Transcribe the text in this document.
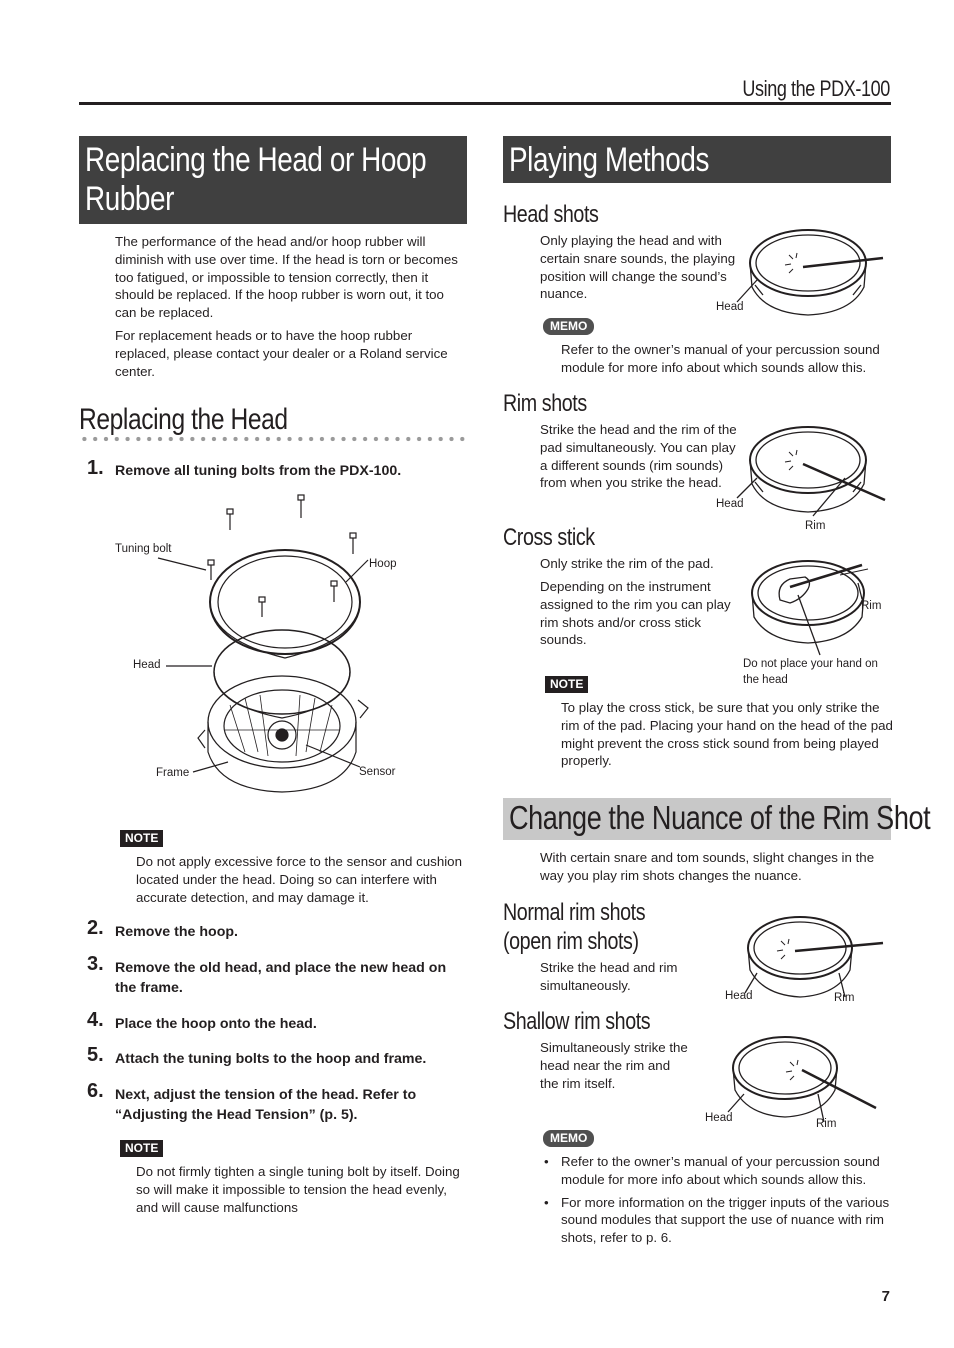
Using the PDX-100
Replacing the Head or Hoop
Rubber
The performance of the head and/or hoop rubber will diminish with use over time. If the head is torn or becomes too fatigued, or impossible to tension correctly, then it should be replaced. If the hoop rubber is worn out, it too can be replaced.
For replacement heads or to have the hoop rubber replaced, please contact your dealer or a Roland service center.
Replacing the Head
1. Remove all tuning bolts from the PDX-100.
Tuning bolt
Hoop
Head
Frame	Sensor
NOTE
Do not apply excessive force to the sensor and cushion located under the head. Doing so can interfere with accurate detection, and may damage it.
2. Remove the hoop.
3. Remove the old head, and place the new head on the frame.
4. Place the hoop onto the head.
5. Attach the tuning bolts to the hoop and frame.
6. Next, adjust the tension of the head. Refer to “Adjusting the Head Tension” (p. 5).
NOTE
Do not firmly tighten a single tuning bolt by itself. Doing so will make it impossible to tension the head evenly, and will cause malfunctions
Playing Methods
Head shots
Only playing the head and with certain snare sounds, the playing position will change the sound’s nuance.
Head
MEMO
Refer to the owner’s manual of your percussion sound module for more info about which sounds allow this.
Rim shots
Strike the head and the rim of the pad simultaneously. You can play a different sounds (rim sounds) from when you strike the head.
Head
Rim
Cross stick
Only strike the rim of the pad.
Depending on the instrument assigned to the rim you can play rim shots and/or cross stick sounds.
Rim
Do not place your hand on the head
NOTE
To play the cross stick, be sure that you only strike the rim of the pad. Placing your hand on the head of the pad might prevent the cross stick sound from being played properly.
Change the Nuance of the Rim Shot
With certain snare and tom sounds, slight changes in the way you play rim shots changes the nuance.
Normal rim shots
(open rim shots)
Strike the head and rim simultaneously.
Head	Rim
Shallow rim shots
Simultaneously strike the head near the rim and the rim itself.
Head	Rim
MEMO
• Refer to the owner’s manual of your percussion sound module for more info about which sounds allow this.
• For more information on the trigger inputs of the various sound modules that support the use of nuance with rim shots, refer to p. 6.
7
